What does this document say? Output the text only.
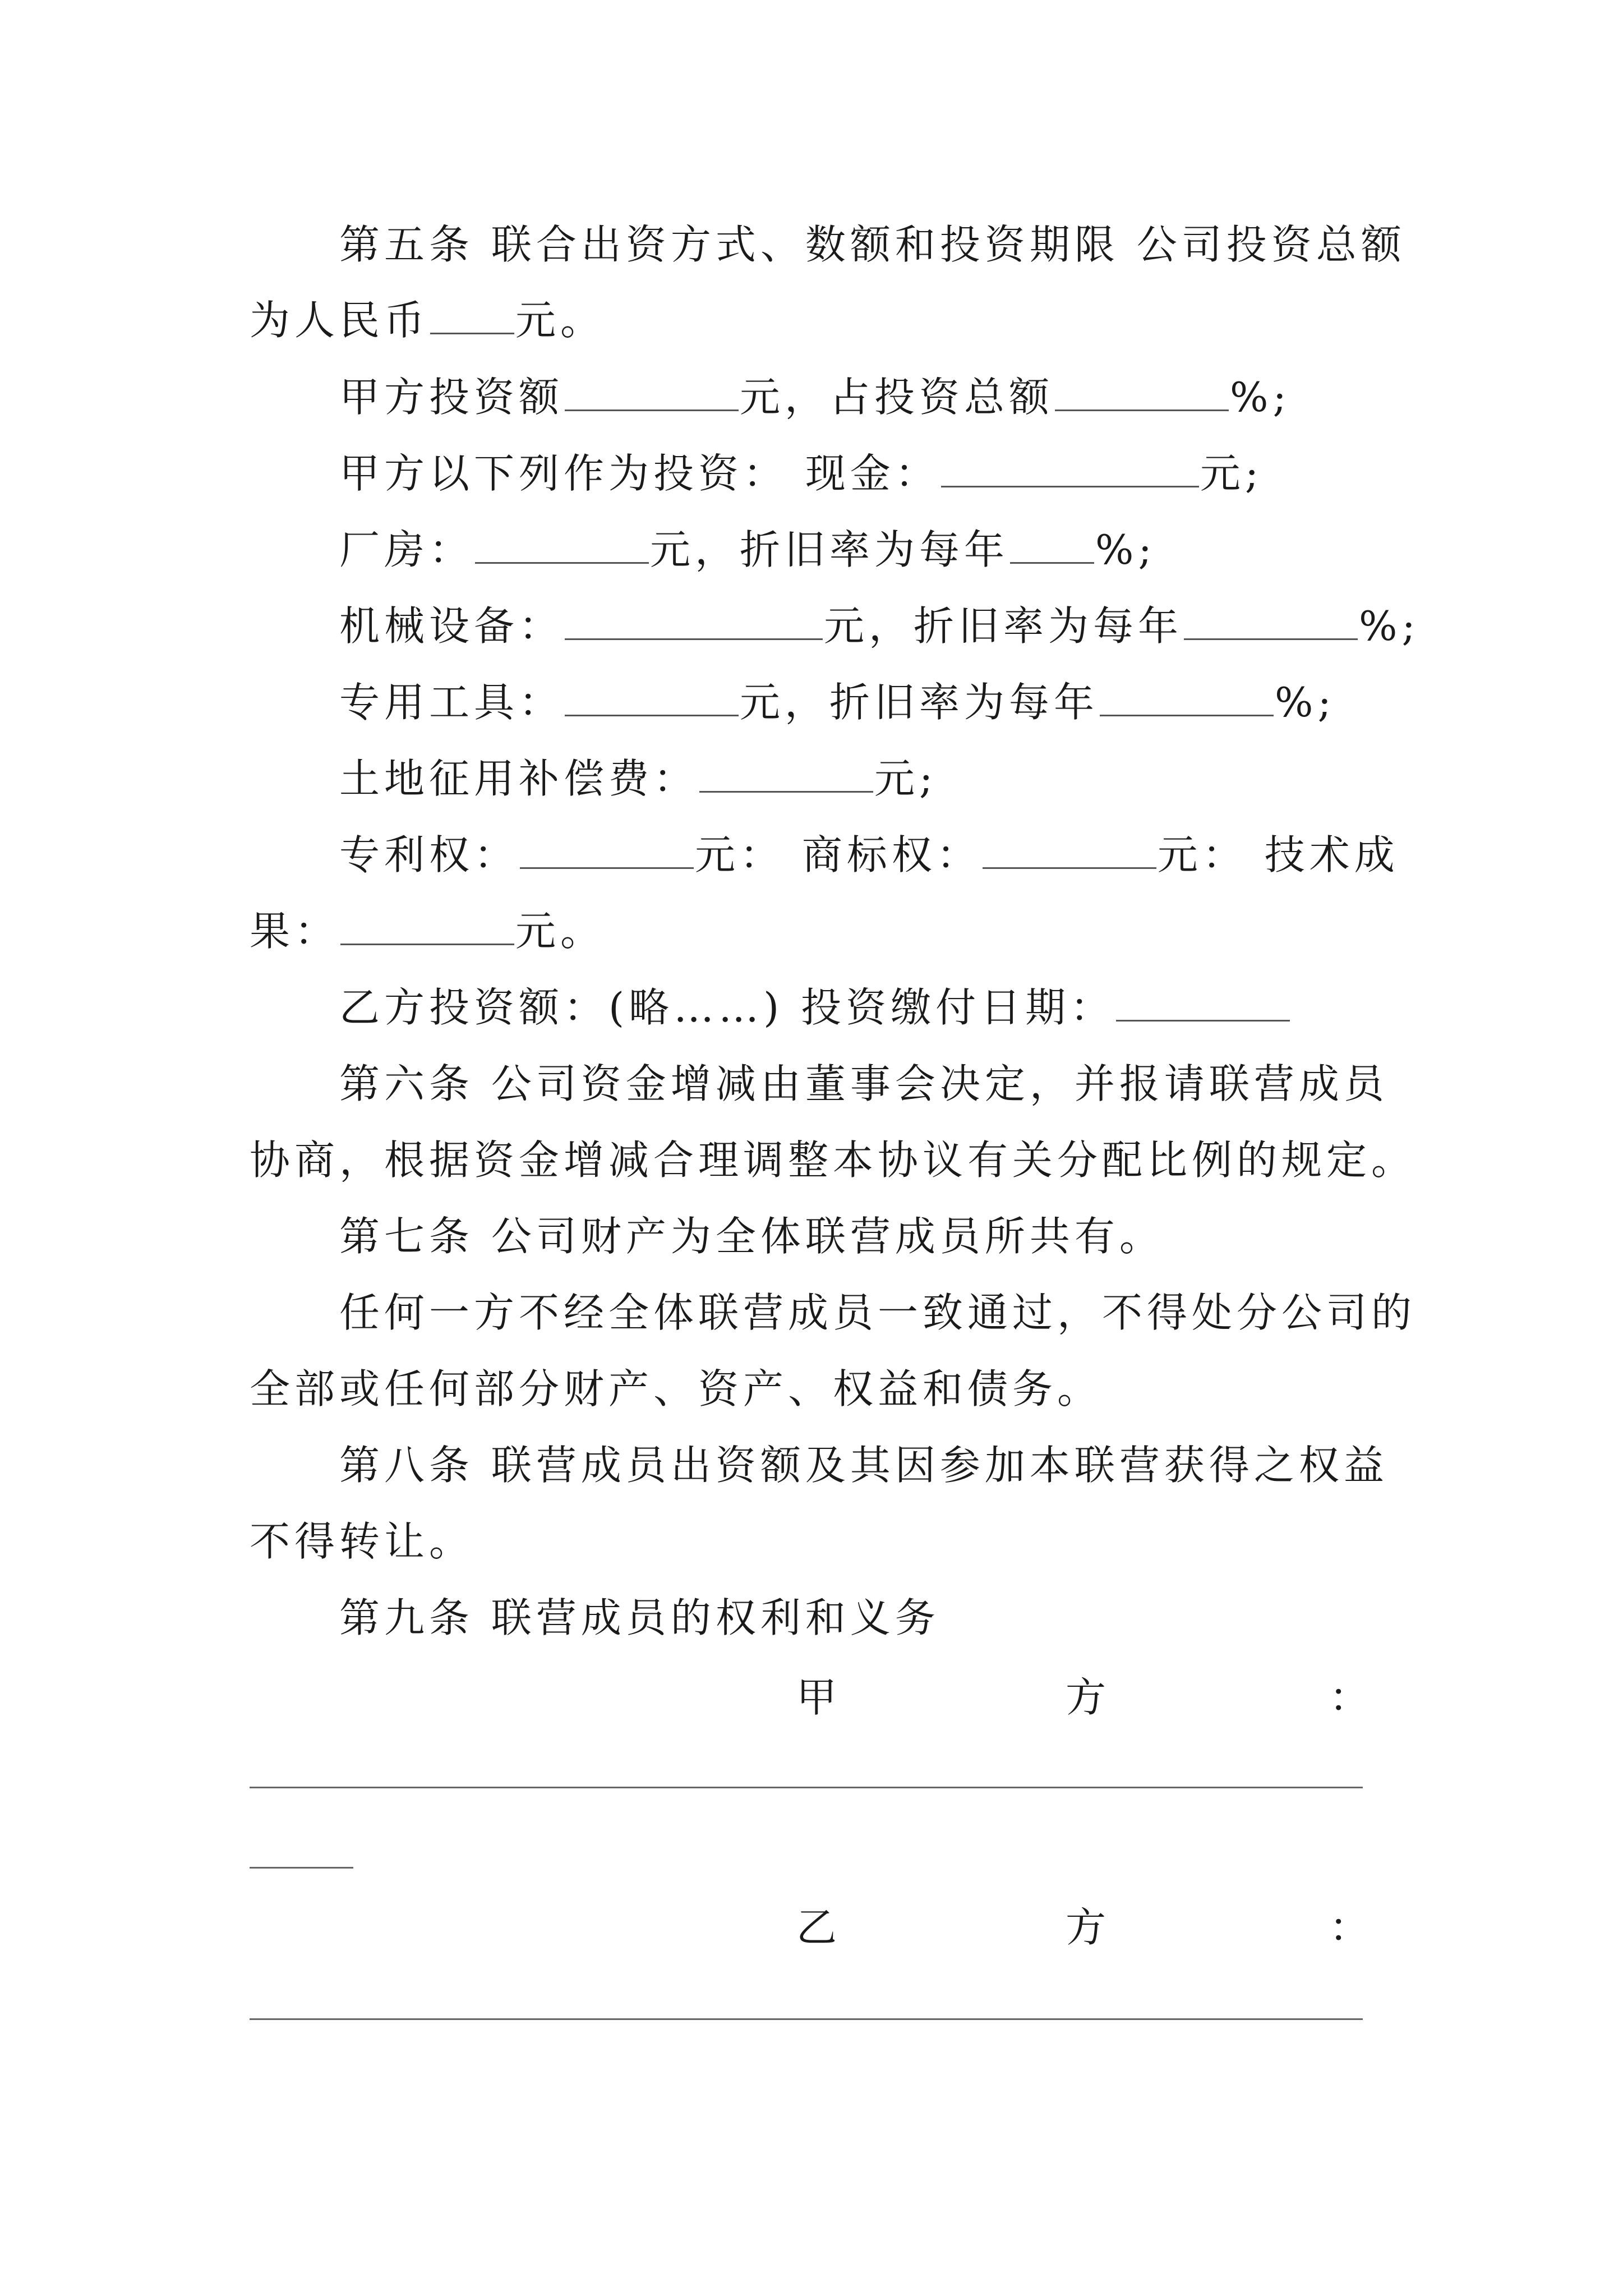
第五条 联合出资方式、数额和投资期限 公司投资总额
为人民币 元。
甲方投资额	元，占投资总额	%;
甲方以下列作为投资： 现金：	元;
厂房：	元，折旧率为每年 %;
机械设备：	元，折旧率为每年	%;
专用工具：	元，折旧率为每年	%;
土地征用补偿费：	元;
专利权：	元： 商标权：	元： 技术成
果：	元。
乙方投资额：(略……) 投资缴付日期：
第六条 公司资金增减由董事会决定，并报请联营成员
协商，根据资金增减合理调整本协议有关分配比例的规定。
第七条 公司财产为全体联营成员所共有。
任何一方不经全体联营成员一致通过，不得处分公司的
全部或任何部分财产、资产、权益和债务。
第八条 联营成员出资额及其因参加本联营获得之权益
不得转让。
第九条 联营成员的权利和义务
甲	方	：
乙	方	：
